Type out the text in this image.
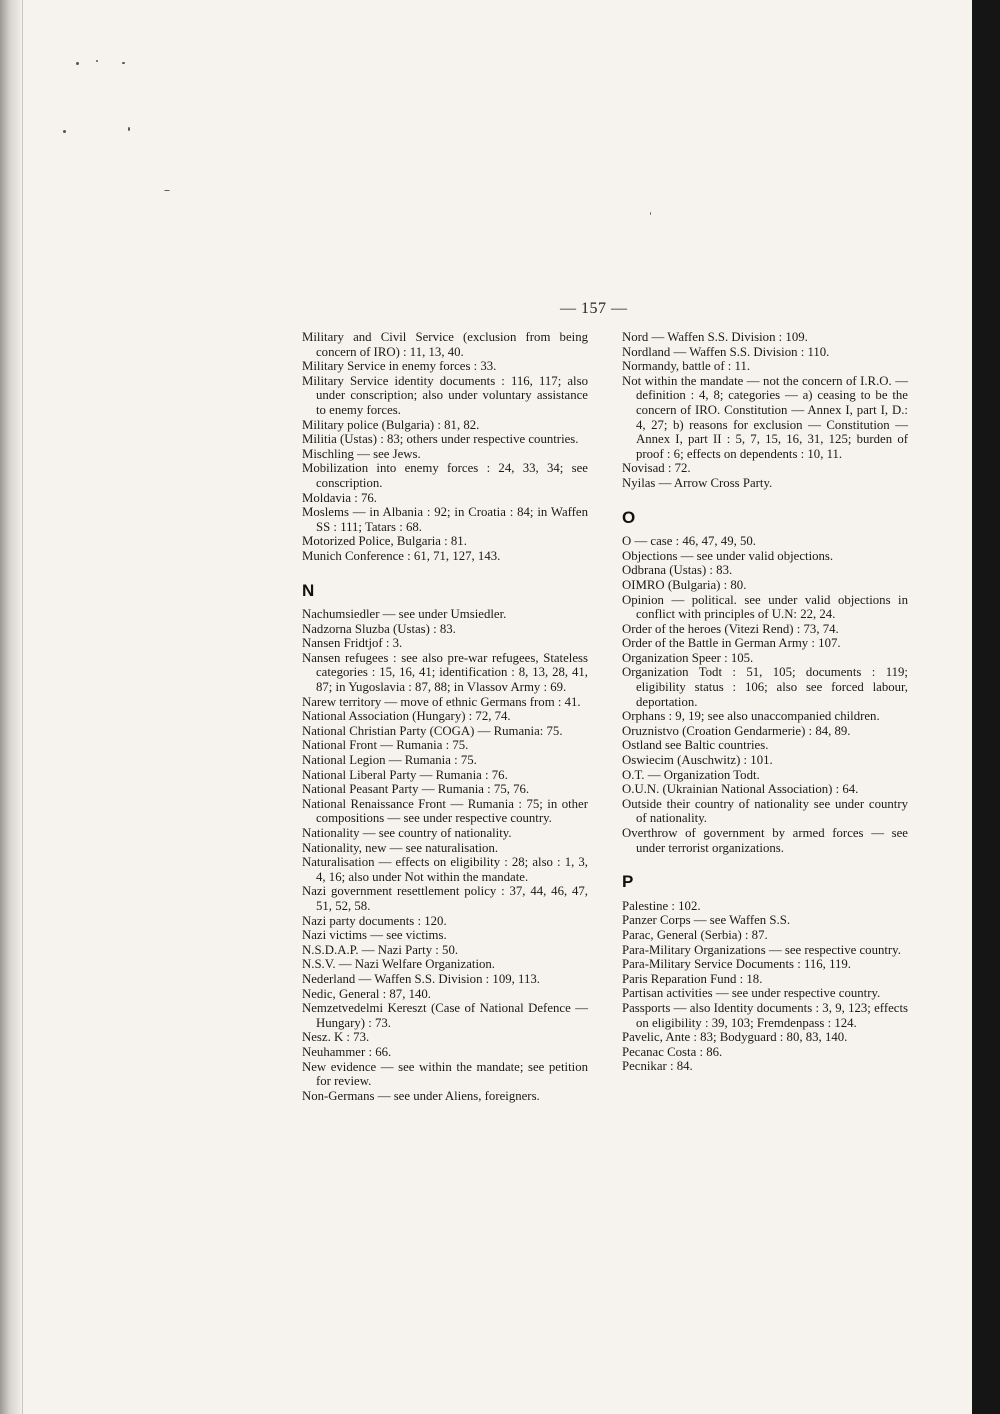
— 157 —

Military and Civil Service (exclusion from being concern of IRO) : 11, 13, 40.

Military Service in enemy forces : 33.

Military Service identity documents : 116, 117; also under conscription; also under voluntary assistance to enemy forces.

Military police (Bulgaria) : 81, 82.

Militia (Ustas) : 83; others under respective countries.

Mischling — see Jews.

Mobilization into enemy forces : 24, 33, 34; see conscription.

Moldavia : 76.

Moslems — in Albania : 92; in Croatia : 84; in Waffen SS : 111; Tatars : 68.

Motorized Police, Bulgaria : 81.

Munich Conference : 61, 71, 127, 143.

N

Nachumsiedler — see under Umsiedler.

Nadzorna Sluzba (Ustas) : 83.

Nansen Fridtjof : 3.

Nansen refugees : see also pre-war refugees, Stateless categories : 15, 16, 41; identification : 8, 13, 28, 41, 87; in Yugoslavia : 87, 88; in Vlassov Army : 69.

Narew territory — move of ethnic Germans from : 41.

National Association (Hungary) : 72, 74.

National Christian Party (COGA) — Rumania: 75.

National Front — Rumania : 75.

National Legion — Rumania : 75.

National Liberal Party — Rumania : 76.

National Peasant Party — Rumania : 75, 76.

National Renaissance Front — Rumania : 75; in other compositions — see under respective country.

Nationality — see country of nationality.

Nationality, new — see naturalisation.

Naturalisation — effects on eligibility : 28; also : 1, 3, 4, 16; also under Not within the mandate.

Nazi government resettlement policy : 37, 44, 46, 47, 51, 52, 58.

Nazi party documents : 120.

Nazi victims — see victims.

N.S.D.A.P. — Nazi Party : 50.

N.S.V. — Nazi Welfare Organization.

Nederland — Waffen S.S. Division : 109, 113.

Nedic, General : 87, 140.

Nemzetvedelmi Kereszt (Case of National Defence — Hungary) : 73.

Nesz. K : 73.

Neuhammer : 66.

New evidence — see within the mandate; see petition for review.

Non-Germans — see under Aliens, foreigners.

Nord — Waffen S.S. Division : 109.

Nordland — Waffen S.S. Division : 110.

Normandy, battle of : 11.

Not within the mandate — not the concern of I.R.O. — definition : 4, 8; categories — a) ceasing to be the concern of IRO. Constitution — Annex I, part I, D.: 4, 27; b) reasons for exclusion — Constitution — Annex I, part II : 5, 7, 15, 16, 31, 125; burden of proof : 6; effects on dependents : 10, 11.

Novisad : 72.

Nyilas — Arrow Cross Party.

O

O — case : 46, 47, 49, 50.

Objections — see under valid objections.

Odbrana (Ustas) : 83.

OIMRO (Bulgaria) : 80.

Opinion — political. see under valid objections in conflict with principles of U.N: 22, 24.

Order of the heroes (Vitezi Rend) : 73, 74.

Order of the Battle in German Army : 107.

Organization Speer : 105.

Organization Todt : 51, 105; documents : 119; eligibility status : 106; also see forced labour, deportation.

Orphans : 9, 19; see also unaccompanied children.

Oruznistvo (Croation Gendarmerie) : 84, 89.

Ostland see Baltic countries.

Oswiecim (Auschwitz) : 101.

O.T. — Organization Todt.

O.U.N. (Ukrainian National Association) : 64.

Outside their country of nationality see under country of nationality.

Overthrow of government by armed forces — see under terrorist organizations.

P

Palestine : 102.

Panzer Corps — see Waffen S.S.

Parac, General (Serbia) : 87.

Para-Military Organizations — see respective country.

Para-Military Service Documents : 116, 119.

Paris Reparation Fund : 18.

Partisan activities — see under respective country.

Passports — also Identity documents : 3, 9, 123; effects on eligibility : 39, 103; Fremdenpass : 124.

Pavelic, Ante : 83; Bodyguard : 80, 83, 140.

Pecanac Costa : 86.

Pecnikar : 84.
